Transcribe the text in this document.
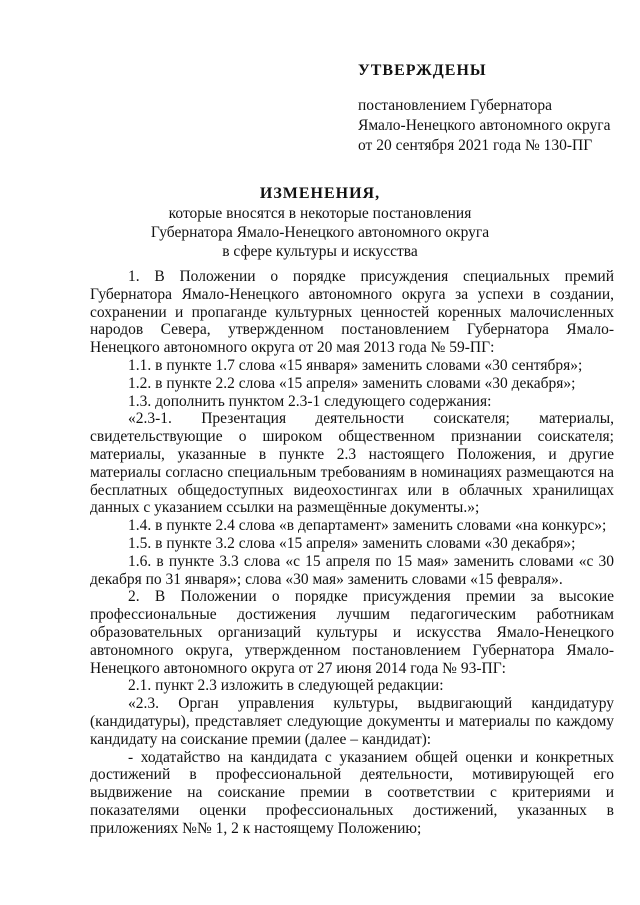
УТВЕРЖДЕНЫ
постановлением Губернатора
Ямало-Ненецкого автономного округа
от 20 сентября 2021 года № 130-ПГ
ИЗМЕНЕНИЯ,
которые вносятся в некоторые постановления
Губернатора Ямало-Ненецкого автономного округа
в сфере культуры и искусства

1. В Положении о порядке присуждения специальных премий Губернатора Ямало-Ненецкого автономного округа за успехи в создании, сохранении и пропаганде культурных ценностей коренных малочисленных народов Севера, утвержденном постановлением Губернатора Ямало-Ненецкого автономного округа от 20 мая 2013 года № 59-ПГ:

1.1. в пункте 1.7 слова «15 января» заменить словами «30 сентября»;

1.2. в пункте 2.2 слова «15 апреля» заменить словами «30 декабря»;

1.3. дополнить пунктом 2.3-1 следующего содержания:

«2.3-1. Презентация деятельности соискателя; материалы, свидетельствующие о широком общественном признании соискателя; материалы, указанные в пункте 2.3 настоящего Положения, и другие материалы согласно специальным требованиям в номинациях размещаются на бесплатных общедоступных видеохостингах или в облачных хранилищах данных с указанием ссылки на размещённые документы.»;

1.4. в пункте 2.4 слова «в департамент» заменить словами «на конкурс»;

1.5. в пункте 3.2 слова «15 апреля» заменить словами «30 декабря»;

1.6. в пункте 3.3 слова «с 15 апреля по 15 мая» заменить словами «с 30 декабря по 31 января»; слова «30 мая» заменить словами «15 февраля».

2. В Положении о порядке присуждения премии за высокие профессиональные достижения лучшим педагогическим работникам образовательных организаций культуры и искусства Ямало-Ненецкого автономного округа, утвержденном постановлением Губернатора Ямало-Ненецкого автономного округа от 27 июня 2014 года № 93-ПГ:

2.1. пункт 2.3 изложить в следующей редакции:

«2.3. Орган управления культуры, выдвигающий кандидатуру (кандидатуры), представляет следующие документы и материалы по каждому кандидату на соискание премии (далее – кандидат):

- ходатайство на кандидата с указанием общей оценки и конкретных достижений в профессиональной деятельности, мотивирующей его выдвижение на соискание премии в соответствии с критериями и показателями оценки профессиональных достижений, указанных в приложениях №№ 1, 2 к настоящему Положению;
